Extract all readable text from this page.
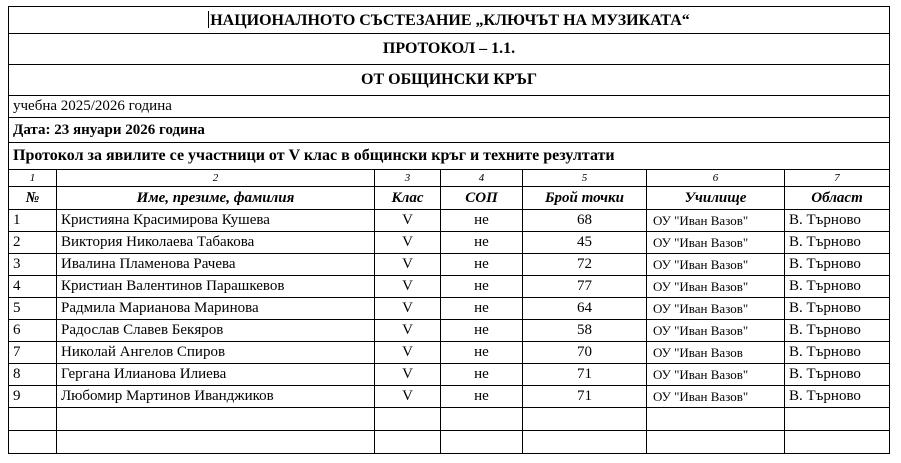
НАЦИОНАЛНОТО СЪСТЕЗАНИЕ „КЛЮЧЪТ НА МУЗИКАТА“						
ПРОТОКОЛ – 1.1.						
ОТ ОБЩИНСКИ КРЪГ						
учебна 2025/2026 година						
Дата: 23 януари 2026 година						
Протокол за явилите се участници от V клас в общински кръг и техните резултати						
1	2	3	4	5	6	7
№	Име, презиме, фамилия	Клас	СОП	Брой точки	Училище	Област
1	Кристияна Красимирова Кушева	V	не	68	ОУ "Иван Вазов"	В. Търново
2	Виктория Николаева Табакова	V	не	45	ОУ "Иван Вазов"	В. Търново
3	Ивалина Пламенова Рачева	V	не	72	ОУ "Иван Вазов"	В. Търново
4	Кристиан Валентинов Парашкевов	V	не	77	ОУ "Иван Вазов"	В. Търново
5	Радмила Марианова Маринова	V	не	64	ОУ "Иван Вазов"	В. Търново
6	Радослав Славев Бекяров	V	не	58	ОУ "Иван Вазов"	В. Търново
7	Николай Ангелов Спиров	V	не	70	ОУ "Иван Вазов	В. Търново
8	Гергана Илианова Илиева	V	не	71	ОУ "Иван Вазов"	В. Търново
9	Любомир Мартинов Иванджиков	V	не	71	ОУ "Иван Вазов"	В. Търново
